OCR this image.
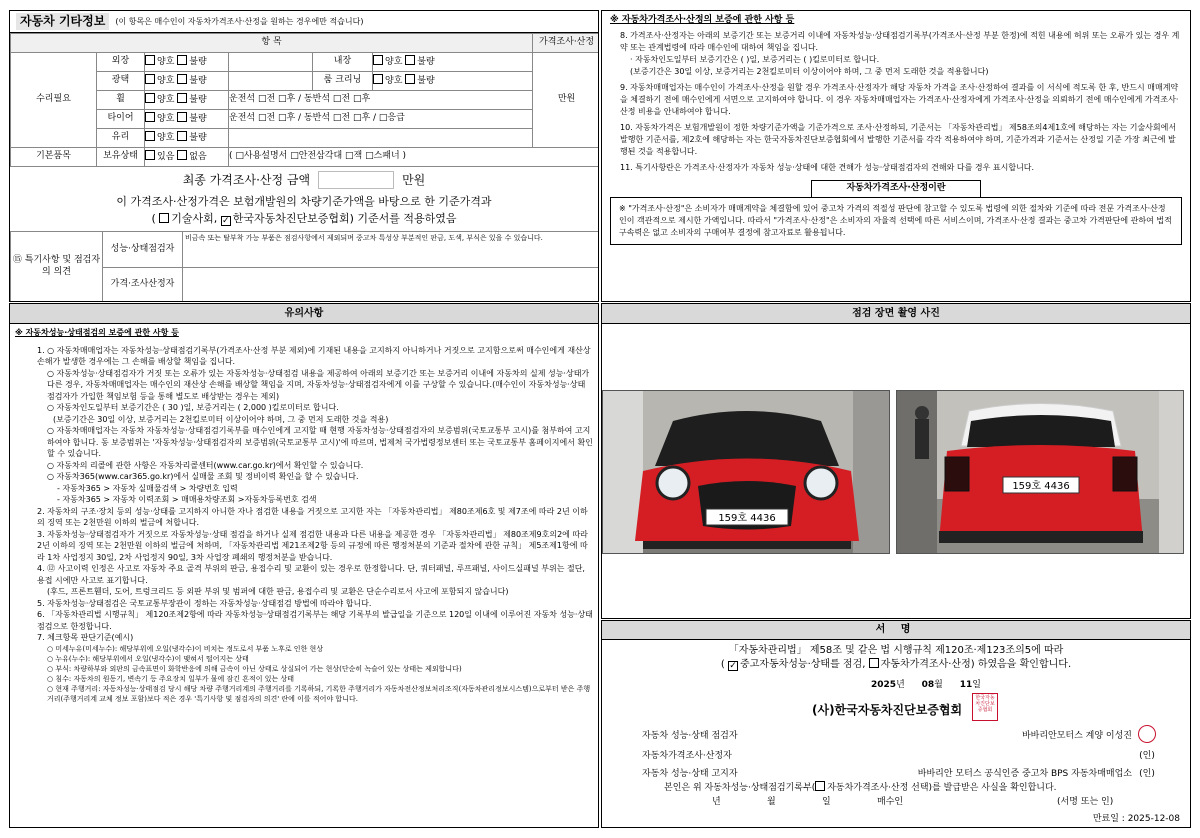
자동차 기타정보	(이 항목은 매수인이 자동차가격조사·산정을 원하는 경우에만 적습니다)
항 목						가격조사·산정
수리필요	외장	양호 불량		내장	양호 불량	만원
	광택	양호 불량		룸 크리닝	양호 불량	
	휠	양호 불량	운전석 □전 □후 / 동반석 □전 □후			
	타이어	양호 불량	운전석 □전 □후 / 동반석 □전 □후 / □응급			
	유리	양호 불량				
기본품목	보유상태	있음 없음	( □사용설명서 □안전삼각대 □잭 □스패너 )			
최종 가격조사·산정 금액	만원
이 가격조사·산정가격은 보험개발원의 차량기준가액을 바탕으로 한 기준가격과
( 기술사회, ✓ 한국자동차진단보증협회) 기준서를 적용하였음
⑮ 특기사항 및 점검자의 의견	성능·상태점검자	비금속 또는 탈부착 가능 부품은 점검사항에서 제외되며 중고차 특성상 부분적인 판금, 도색, 부식은 있을 수 있습니다.
	가격·조사산정자	
※ 자동차가격조사·산정의 보증에 관한 사항 등
8. 가격조사·산정자는 아래의 보증기간 또는 보증거리 이내에 자동차성능·상태점검기록부(가격조사·산정 부분 한정)에 적힌 내용에 허위 또는 오류가 있는 경우 계약 또는 관계법령에 따라 매수인에 대하여 책임을 집니다.
· 자동차인도일부터 보증기간은 ( )일, 보증거리는 ( )킬로미터로 합니다.
(보증기간은 30일 이상, 보증거리는 2천킬로미터 이상이어야 하며, 그 중 먼저 도래한 것을 적용합니다)
9. 자동차매매업자는 매수인이 가격조사·산정을 원할 경우 가격조사·산정자가 해당 자동차 가격을 조사·산정하여 결과를 이 서식에 적도록 한 후, 반드시 매매계약을 체결하기 전에 매수인에게 서면으로 고지하여야 합니다. 이 경우 자동차매매업자는 가격조사·산정자에게 가격조사·산정을 의뢰하기 전에 매수인에게 가격조사·산정 비용을 안내하여야 합니다.
10. 자동차가격은 보험개발원이 정한 차량기준가액을 기준가격으로 조사·산정하되, 기준서는 「자동차관리법」 제58조의4제1호에 해당하는 자는 기술사회에서 발행한 기준서를, 제2호에 해당하는 자는 한국자동차진단보증협회에서 발행한 기준서를 각각 적용하여야 하며, 기준가격과 기준서는 산정일 기준 가장 최근에 발행된 것을 적용합니다.
11. 특기사항란은 가격조사·산정자가 자동차 성능·상태에 대한 견해가 성능·상태점검자의 견해와 다를 경우 표시합니다.
자동차가격조사·산정이란
※ "가격조사·산정"은 소비자가 매매계약을 체결함에 있어 중고차 가격의 적절성 판단에 참고할 수 있도록 법령에 의한 절차와 기준에 따라 전문 가격조사·산정인이 객관적으로 제시한 가액입니다. 따라서 "가격조사·산정"은 소비자의 자율적 선택에 따른 서비스이며, 가격조사·산정 결과는 중고차 가격판단에 관하여 법적 구속력은 없고 소비자의 구매여부 결정에 참고자료로 활용됩니다.
유의사항
※ 자동차성능·상태점검의 보증에 관한 사항 등
1. ○ 자동차매매업자는 자동차성능·상태점검기록부(가격조사·산정 부분 제외)에 기재된 내용을 고지하지 아니하거나 거짓으로 고지함으로써 매수인에게 재산상 손해가 발생한 경우에는 그 손해를 배상할 책임을 집니다.
○ 자동차성능·상태점검자가 거짓 또는 오류가 있는 자동차성능·상태점검 내용을 제공하여 아래의 보증기간 또는 보증거리 이내에 자동차의 실제 성능·상태가 다른 경우, 자동차매매업자는 매수인의 재산상 손해를 배상할 책임을 지며, 자동차성능·상태점검자에게 이를 구상할 수 있습니다.(매수인이 자동차성능·상태점검자가 가입한 책임보험 등을 통해 별도로 배상받는 경우는 제외)
○ 자동차인도일부터 보증기간은 ( 30 )일, 보증거리는 ( 2,000 )킬로미터로 합니다.
(보증기간은 30일 이상, 보증거리는 2천킬로미터 이상이어야 하며, 그 중 먼저 도래한 것을 적용)
○ 자동차매매업자는 자동차 자동차성능·상태점검기록부를 매수인에게 고지할 때 현행 자동차성능·상태점검자의 보증범위(국토교통부 고시)를 첨부하여 고지하여야 합니다. 동 보증범위는 '자동차성능·상태점검자의 보증범위(국토교통부 고시)'에 따르며, 법제처 국가법령정보센터 또는 국토교통부 홈페이지에서 확인할 수 있습니다.
○ 자동차의 리콜에 관한 사항은 자동차리콜센터(www.car.go.kr)에서 확인할 수 있습니다.
○ 자동차365(www.car365.go.kr)에서 실매물 조회 및 정비이력 확인을 할 수 있습니다.
- 자동차365 > 자동차 실매물검색 > 차량번호 입력
- 자동차365 > 자동차 이력조회 > 매매용차량조회 >자동차등록번호 검색
2. 자동차의 구조·장치 등의 성능·상태를 고지하지 아니한 자나 점검한 내용을 거짓으로 고지한 자는 「자동차관리법」 제80조제6호 및 제7조에 따라 2년 이하의 징역 또는 2천만원 이하의 벌금에 처합니다.
3. 자동차성능·상태점검자가 거짓으로 자동차성능·상태 점검을 하거나 실제 점검한 내용과 다른 내용을 제공한 경우 「자동차관리법」 제80조제9호의2에 따라 2년 이하의 징역 또는 2천만원 이하의 벌금에 처하며, 「자동차관리법 제21조제2항 등의 규정에 따른 행정처분의 기준과 절차에 관한 규칙」 제5조제1항에 따라 1차 사업정지 30일, 2차 사업정지 90일, 3차 사업장 폐쇄의 행정처분을 받습니다.
4. ⑫ 사고이력 인정은 사고로 자동차 주요 골격 부위의 판금, 용접수리 및 교환이 있는 경우로 한정합니다. 단, 쿼터패널, 루프패널, 사이드실패널 부위는 절단, 용접 시에만 사고로 표기합니다.
(후드, 프론트휀더, 도어, 트렁크리드 등 외판 부위 및 범퍼에 대한 판금, 용접수리 및 교환은 단순수리로서 사고에 포함되지 않습니다)
5. 자동차성능·상태점검은 국토교통부장관이 정하는 자동차성능·상태점검 방법에 따라야 합니다.
6. 「자동차관리법 시행규칙」 제120조제2항에 따라 자동차성능·상태점검기록부는 해당 기록부의 발급일을 기준으로 120일 이내에 이루어진 자동차 성능·상태점검으로 한정합니다.
7. 체크항목 판단기준(예시)
○ 미세누유(미세누수): 해당부위에 오일(냉각수)이 비치는 정도로서 부품 노후로 인한 현상
○ 누유(누수): 해당부위에서 오일(냉각수)이 맺혀서 떨어지는 상태
○ 부식: 차량하부와 외판의 금속표면이 화학반응에 의해 금속이 아닌 상태로 상실되어 가는 현상(단순히 녹슬어 있는 상태는 제외합니다)
○ 침수: 자동차의 원동기, 변속기 등 주요장치 일부가 물에 잠긴 흔적이 있는 상태
○ 현재 주행거리: 자동차성능·상태점검 당시 해당 차량 주행거리계의 주행거리를 기록하되, 기록한 주행거리가 자동차전산정보처리조직(자동차관리정보시스템)으로부터 받은 주행거리(주행거리계 교체 정보 포함)보다 적은 경우 '특기사항 및 점검자의 의견' 란에 이를 적어야 합니다.
점검 장면 촬영 사진
159호 4436
159호 4436
서 명
「자동차관리법」 제58조 및 같은 법 시행규칙 제120조·제123조의5에 따라
( ✓ 중고자동차성능·상태를 점검, 자동차가격조사·산정) 하였음을 확인합니다.
2025년 08월 11일
(사)한국자동차진단보증협회
한국자동차진단보증협회
자동차 성능·상태 점검자	바바리안모터스 계양 이성진	
자동차가격조사·산정자		(인)
자동차 성능·상태 고지자	바바리안 모터스 공식인증 중고차 BPS 자동차매매업소	(인)
본인은 위 자동차성능·상태점검기록부( 자동차가격조사·산정 선택)를 발급받은 사실을 확인합니다.
년	월	일	매수인	(서명 또는 인)
만료일 : 2025-12-08
